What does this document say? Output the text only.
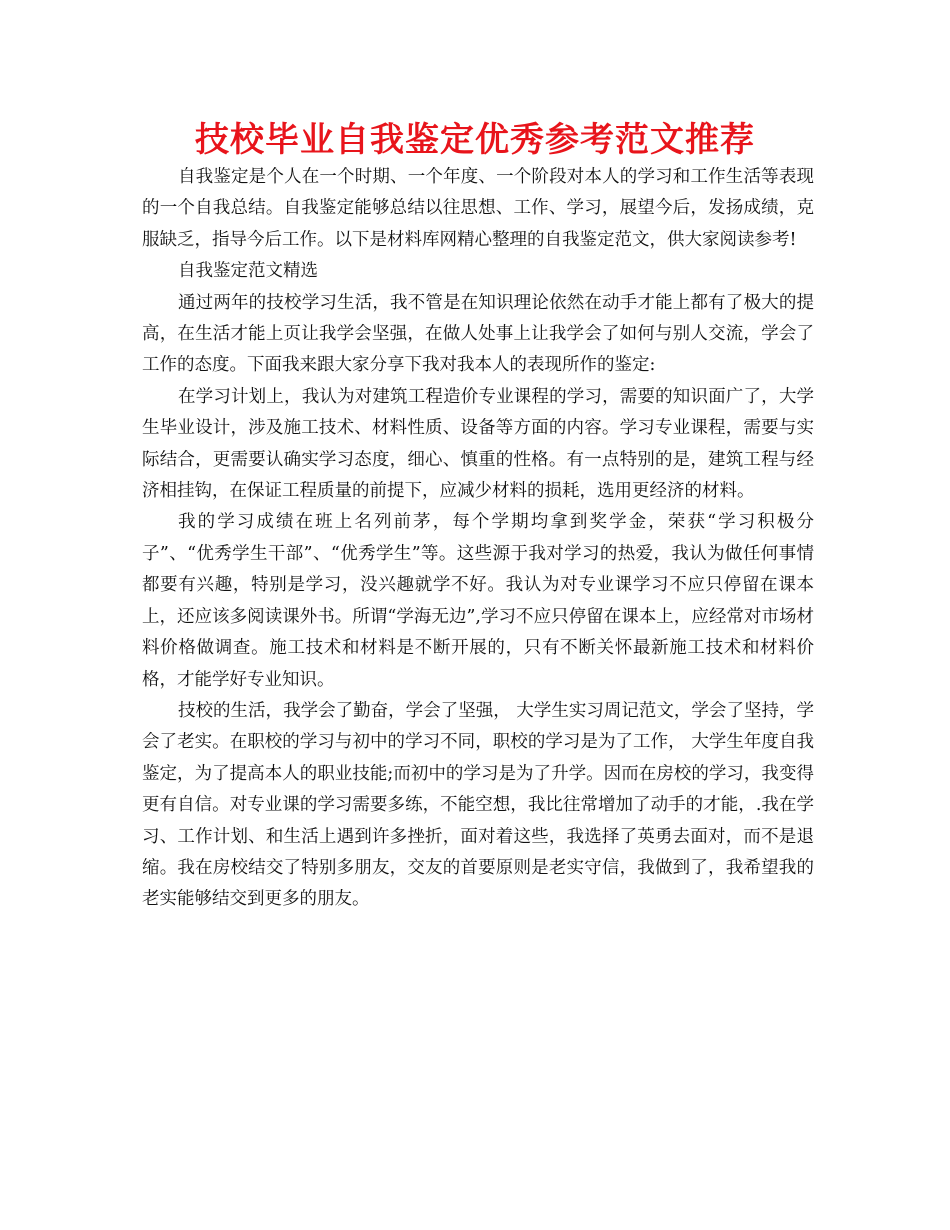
技校毕业自我鉴定优秀参考范文推荐

自我鉴定是个人在一个时期、一个年度、一个阶段对本人的学习和工作生活等表现的一个自我总结。自我鉴定能够总结以往思想、工作、学习，展望今后，发扬成绩，克服缺乏，指导今后工作。以下是材料库网精心整理的自我鉴定范文，供大家阅读参考!

自我鉴定范文精选

通过两年的技校学习生活，我不管是在知识理论依然在动手才能上都有了极大的提高，在生活才能上页让我学会坚强，在做人处事上让我学会了如何与别人交流，学会了工作的态度。下面我来跟大家分享下我对我本人的表现所作的鉴定:

在学习计划上，我认为对建筑工程造价专业课程的学习，需要的知识面广了，大学生毕业设计，涉及施工技术、材料性质、设备等方面的内容。学习专业课程，需要与实际结合，更需要认确实学习态度，细心、慎重的性格。有一点特别的是，建筑工程与经济相挂钩，在保证工程质量的前提下，应减少材料的损耗，选用更经济的材料。

我的学习成绩在班上名列前茅，每个学期均拿到奖学金，荣获“学习积极分子”、“优秀学生干部”、“优秀学生”等。这些源于我对学习的热爱，我认为做任何事情都要有兴趣，特别是学习，没兴趣就学不好。我认为对专业课学习不应只停留在课本上，还应该多阅读课外书。所谓“学海无边”,学习不应只停留在课本上，应经常对市场材料价格做调查。施工技术和材料是不断开展的，只有不断关怀最新施工技术和材料价格，才能学好专业知识。

技校的生活，我学会了勤奋，学会了坚强， 大学生实习周记范文，学会了坚持，学会了老实。在职校的学习与初中的学习不同，职校的学习是为了工作， 大学生年度自我鉴定，为了提高本人的职业技能;而初中的学习是为了升学。因而在房校的学习，我变得更有自信。对专业课的学习需要多练，不能空想，我比往常增加了动手的才能，.我在学习、工作计划、和生活上遇到许多挫折，面对着这些，我选择了英勇去面对，而不是退缩。我在房校结交了特别多朋友，交友的首要原则是老实守信，我做到了，我希望我的老实能够结交到更多的朋友。
